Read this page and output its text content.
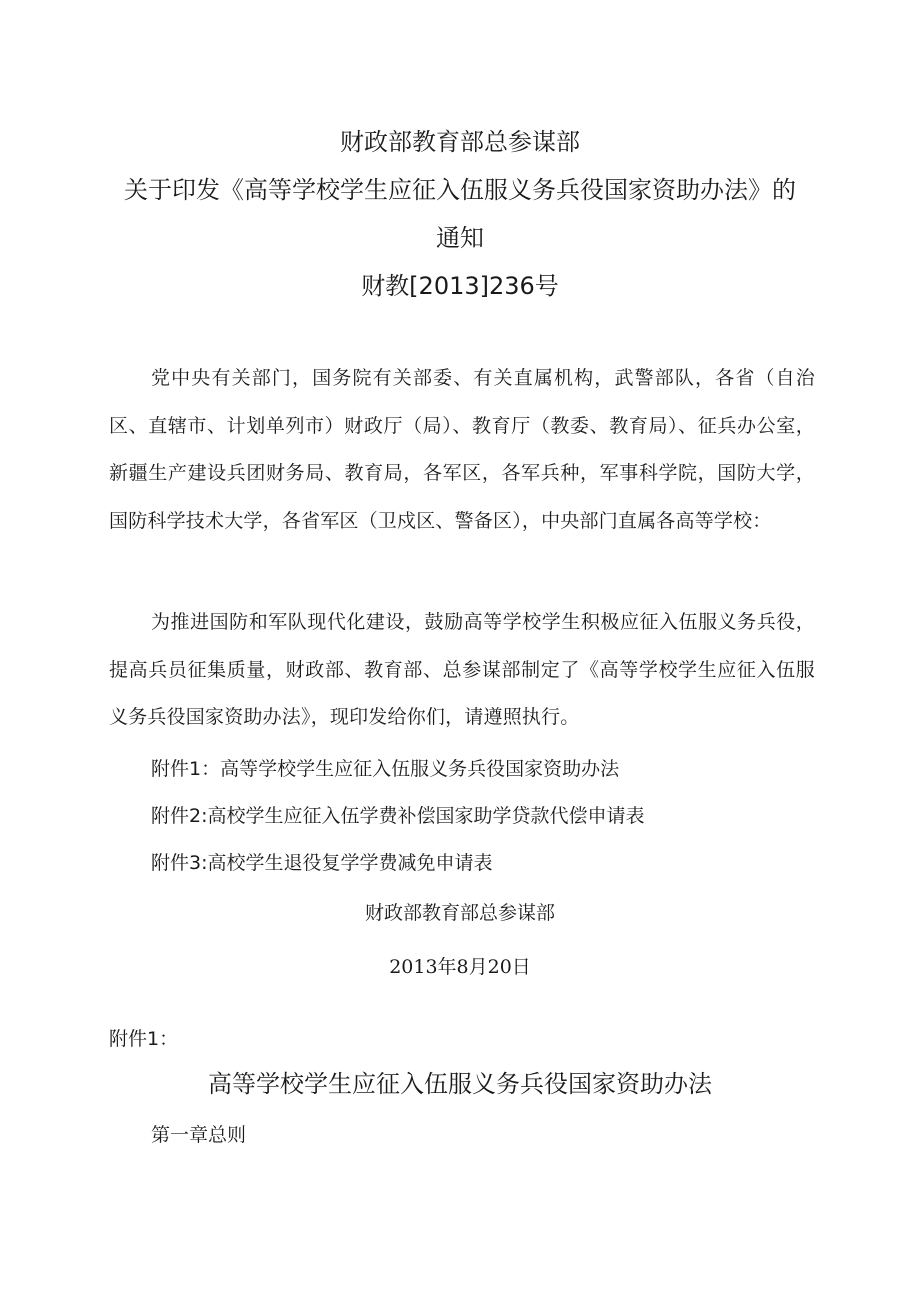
财政部教育部总参谋部
关于印发《高等学校学生应征入伍服义务兵役国家资助办法》的
通知
财教[2013]236号
党中央有关部门，国务院有关部委、有关直属机构，武警部队，各省（自治区、直辖市、计划单列市）财政厅（局）、教育厅（教委、教育局）、征兵办公室，新疆生产建设兵团财务局、教育局，各军区，各军兵种，军事科学院，国防大学，国防科学技术大学，各省军区（卫戍区、警备区），中央部门直属各高等学校：
为推进国防和军队现代化建设，鼓励高等学校学生积极应征入伍服义务兵役，提高兵员征集质量，财政部、教育部、总参谋部制定了《高等学校学生应征入伍服义务兵役国家资助办法》，现印发给你们，请遵照执行。
附件1：高等学校学生应征入伍服义务兵役国家资助办法
附件2:高校学生应征入伍学费补偿国家助学贷款代偿申请表
附件3:高校学生退役复学学费减免申请表
财政部教育部总参谋部
2013年8月20日
附件1：
高等学校学生应征入伍服义务兵役国家资助办法
第一章总则
